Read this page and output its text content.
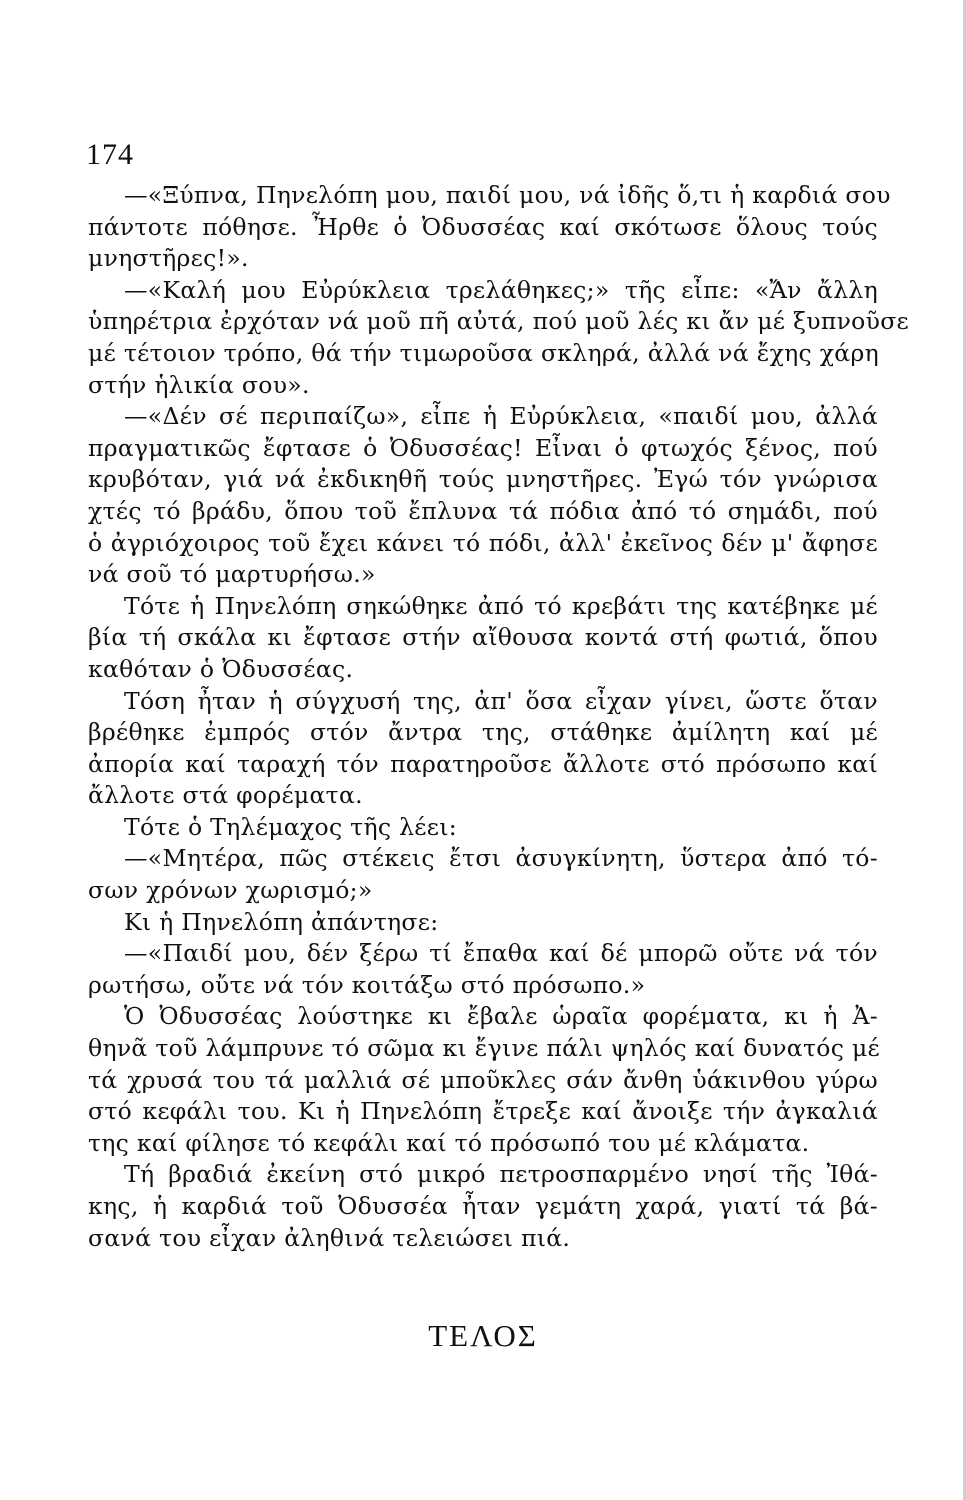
174
—«Ξύπνα, Πηνελόπη μου, παιδί μου, νά ἰδῆς ὅ,τι ἡ καρδιά σου
πάντοτε πόθησε. Ἦρθε ὁ Ὀδυσσέας καί σκότωσε ὅλους τούς
μνηστῆρες!».
—«Καλή μου Εὐρύκλεια τρελάθηκες;» τῆς εἶπε: «Ἄν ἄλλη
ὑπηρέτρια ἐρχόταν νά μοῦ πῆ αὐτά, πού μοῦ λές κι ἄν μέ ξυπνοῦσε
μέ τέτοιον τρόπο, θά τήν τιμωροῦσα σκληρά, ἀλλά νά ἔχης χάρη
στήν ἡλικία σου».
—«Δέν σέ περιπαίζω», εἶπε ἡ Εὐρύκλεια, «παιδί μου, ἀλλά
πραγματικῶς ἔφτασε ὁ Ὀδυσσέας! Εἶναι ὁ φτωχός ξένος, πού
κρυβόταν, γιά νά ἐκδικηθῆ τούς μνηστῆρες. Ἐγώ τόν γνώρισα
χτές τό βράδυ, ὅπου τοῦ ἔπλυνα τά πόδια ἀπό τό σημάδι, πού
ὁ ἀγριόχοιρος τοῦ ἔχει κάνει τό πόδι, ἀλλ' ἐκεῖνος δέν μ' ἄφησε
νά σοῦ τό μαρτυρήσω.»
Τότε ἡ Πηνελόπη σηκώθηκε ἀπό τό κρεβάτι της κατέβηκε μέ
βία τή σκάλα κι ἔφτασε στήν αἴθουσα κοντά στή φωτιά, ὅπου
καθόταν ὁ Ὀδυσσέας.
Τόση ἦταν ἡ σύγχυσή της, ἀπ' ὅσα εἶχαν γίνει, ὥστε ὅταν
βρέθηκε ἐμπρός στόν ἄντρα της, στάθηκε ἀμίλητη καί μέ
ἀπορία καί ταραχή τόν παρατηροῦσε ἄλλοτε στό πρόσωπο καί
ἄλλοτε στά φορέματα.
Τότε ὁ Τηλέμαχος τῆς λέει:
—«Μητέρα, πῶς στέκεις ἔτσι ἀσυγκίνητη, ὕστερα ἀπό τό-
σων χρόνων χωρισμό;»
Κι ἡ Πηνελόπη ἀπάντησε:
—«Παιδί μου, δέν ξέρω τί ἔπαθα καί δέ μπορῶ οὔτε νά τόν
ρωτήσω, οὔτε νά τόν κοιτάξω στό πρόσωπο.»
Ὁ Ὀδυσσέας λούστηκε κι ἔβαλε ὡραῖα φορέματα, κι ἡ Ἀ-
θηνᾶ τοῦ λάμπρυνε τό σῶμα κι ἔγινε πάλι ψηλός καί δυνατός μέ
τά χρυσά του τά μαλλιά σέ μποῦκλες σάν ἄνθη ὑάκινθου γύρω
στό κεφάλι του. Κι ἡ Πηνελόπη ἔτρεξε καί ἄνοιξε τήν ἀγκαλιά
της καί φίλησε τό κεφάλι καί τό πρόσωπό του μέ κλάματα.
Τή βραδιά ἐκείνη στό μικρό πετροσπαρμένο νησί τῆς Ἰθά-
κης, ἡ καρδιά τοῦ Ὀδυσσέα ἦταν γεμάτη χαρά, γιατί τά βά-
σανά του εἶχαν ἀληθινά τελειώσει πιά.
ΤΕΛΟΣ
